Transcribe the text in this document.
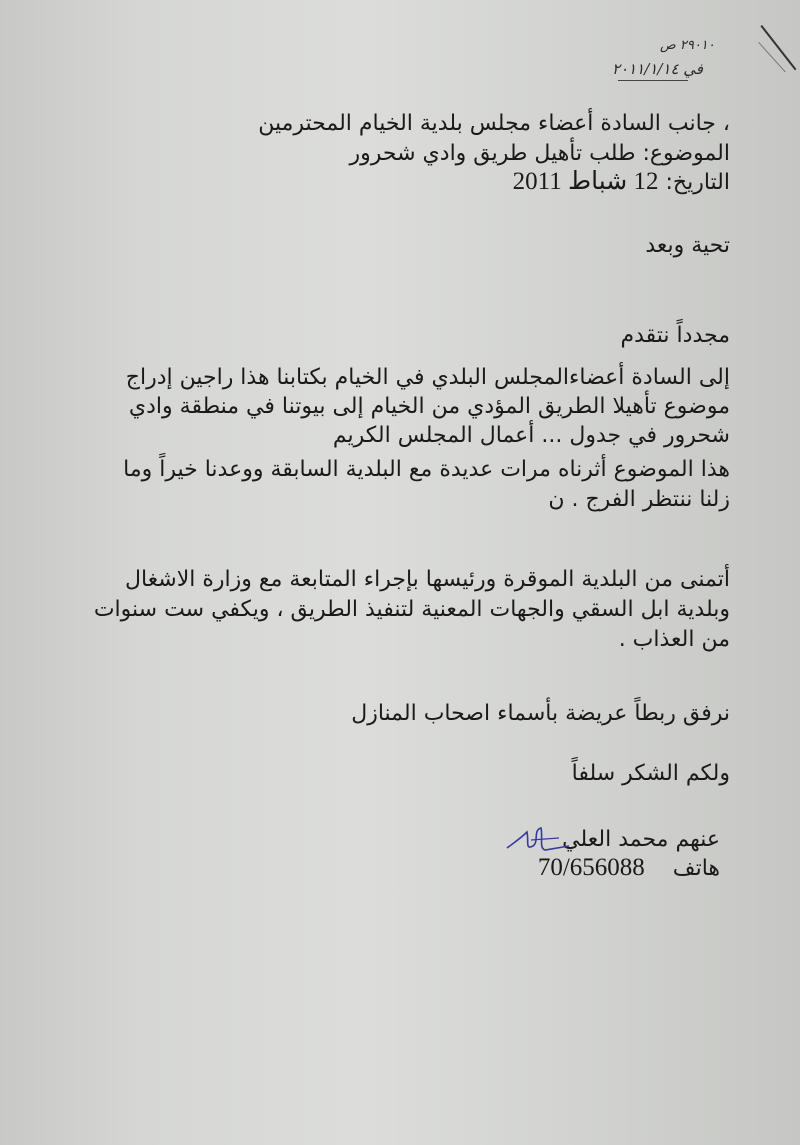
٢٩٠١٠ ص
في ٢٠١١/١/١٤
، جانب السادة أعضاء مجلس بلدية الخيام المحترمين
الموضوع: طلب تأهيل طريق وادي شحرور
التاريخ: 12 شباط 2011
تحية وبعد
مجدداً نتقدم
إلى السادة أعضاءالمجلس البلدي في الخيام بكتابنا هذا راجين إدراج
موضوع تأهيلا الطريق المؤدي من الخيام إلى بيوتنا في منطقة وادي
شحرور في جدول ... أعمال المجلس الكريم
هذا الموضوع أثرناه مرات عديدة مع البلدية السابقة ووعدنا خيراً وما
زلنا ننتظر الفرج . ن
أتمنى من البلدية الموقرة ورئيسها بإجراء المتابعة مع وزارة الاشغال
وبلدية ابل السقي والجهات المعنية لتنفيذ الطريق ، ويكفي ست سنوات
من العذاب .
نرفق ربطاً عريضة بأسماء اصحاب المنازل
ولكم الشكر سلفاً
عنهم محمد العلي
هاتف    70/656088
